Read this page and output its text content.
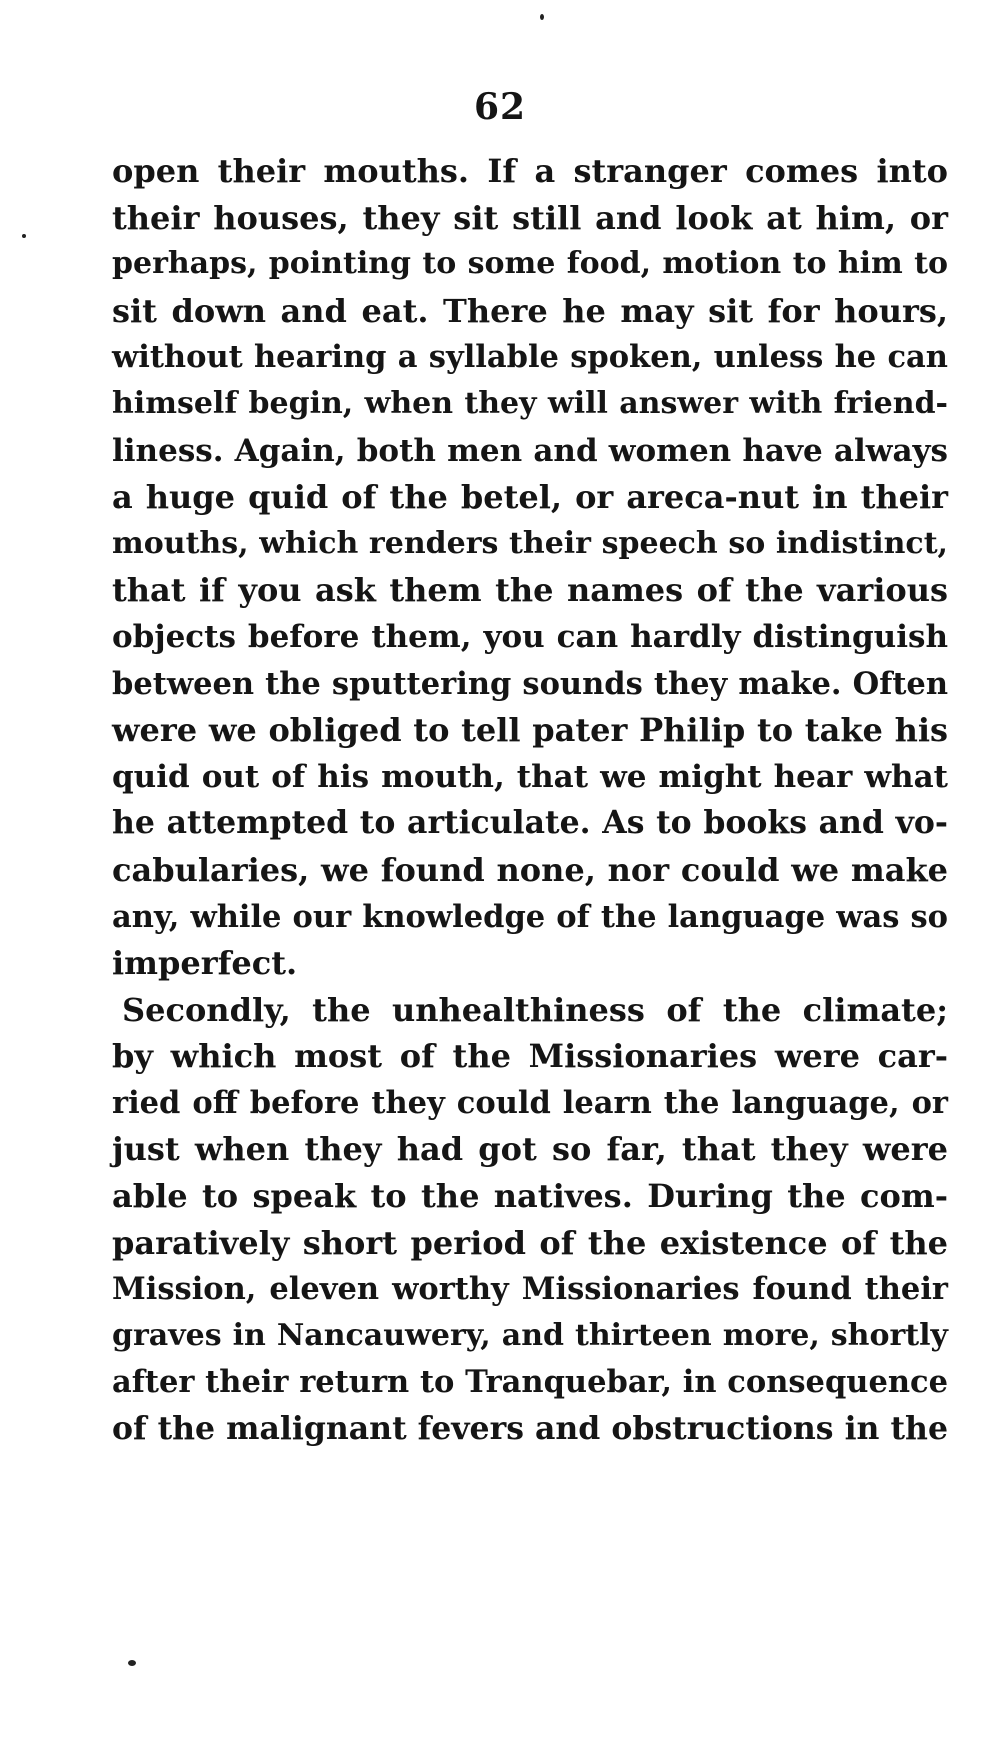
62
open their mouths. If a stranger comes into
their houses, they sit still and look at him, or
perhaps, pointing to some food, motion to him to
sit down and eat. There he may sit for hours,
without hearing a syllable spoken, unless he can
himself begin, when they will answer with friend-
liness. Again, both men and women have always
a huge quid of the betel, or areca-nut in their
mouths, which renders their speech so indistinct,
that if you ask them the names of the various
objects before them, you can hardly distinguish
between the sputtering sounds they make. Often
were we obliged to tell pater Philip to take his
quid out of his mouth, that we might hear what
he attempted to articulate. As to books and vo-
cabularies, we found none, nor could we make
any, while our knowledge of the language was so
imperfect.
Secondly, the unhealthiness of the climate;
by which most of the Missionaries were car-
ried off before they could learn the language, or
just when they had got so far, that they were
able to speak to the natives. During the com-
paratively short period of the existence of the
Mission, eleven worthy Missionaries found their
graves in Nancauwery, and thirteen more, shortly
after their return to Tranquebar, in consequence
of the malignant fevers and obstructions in the
